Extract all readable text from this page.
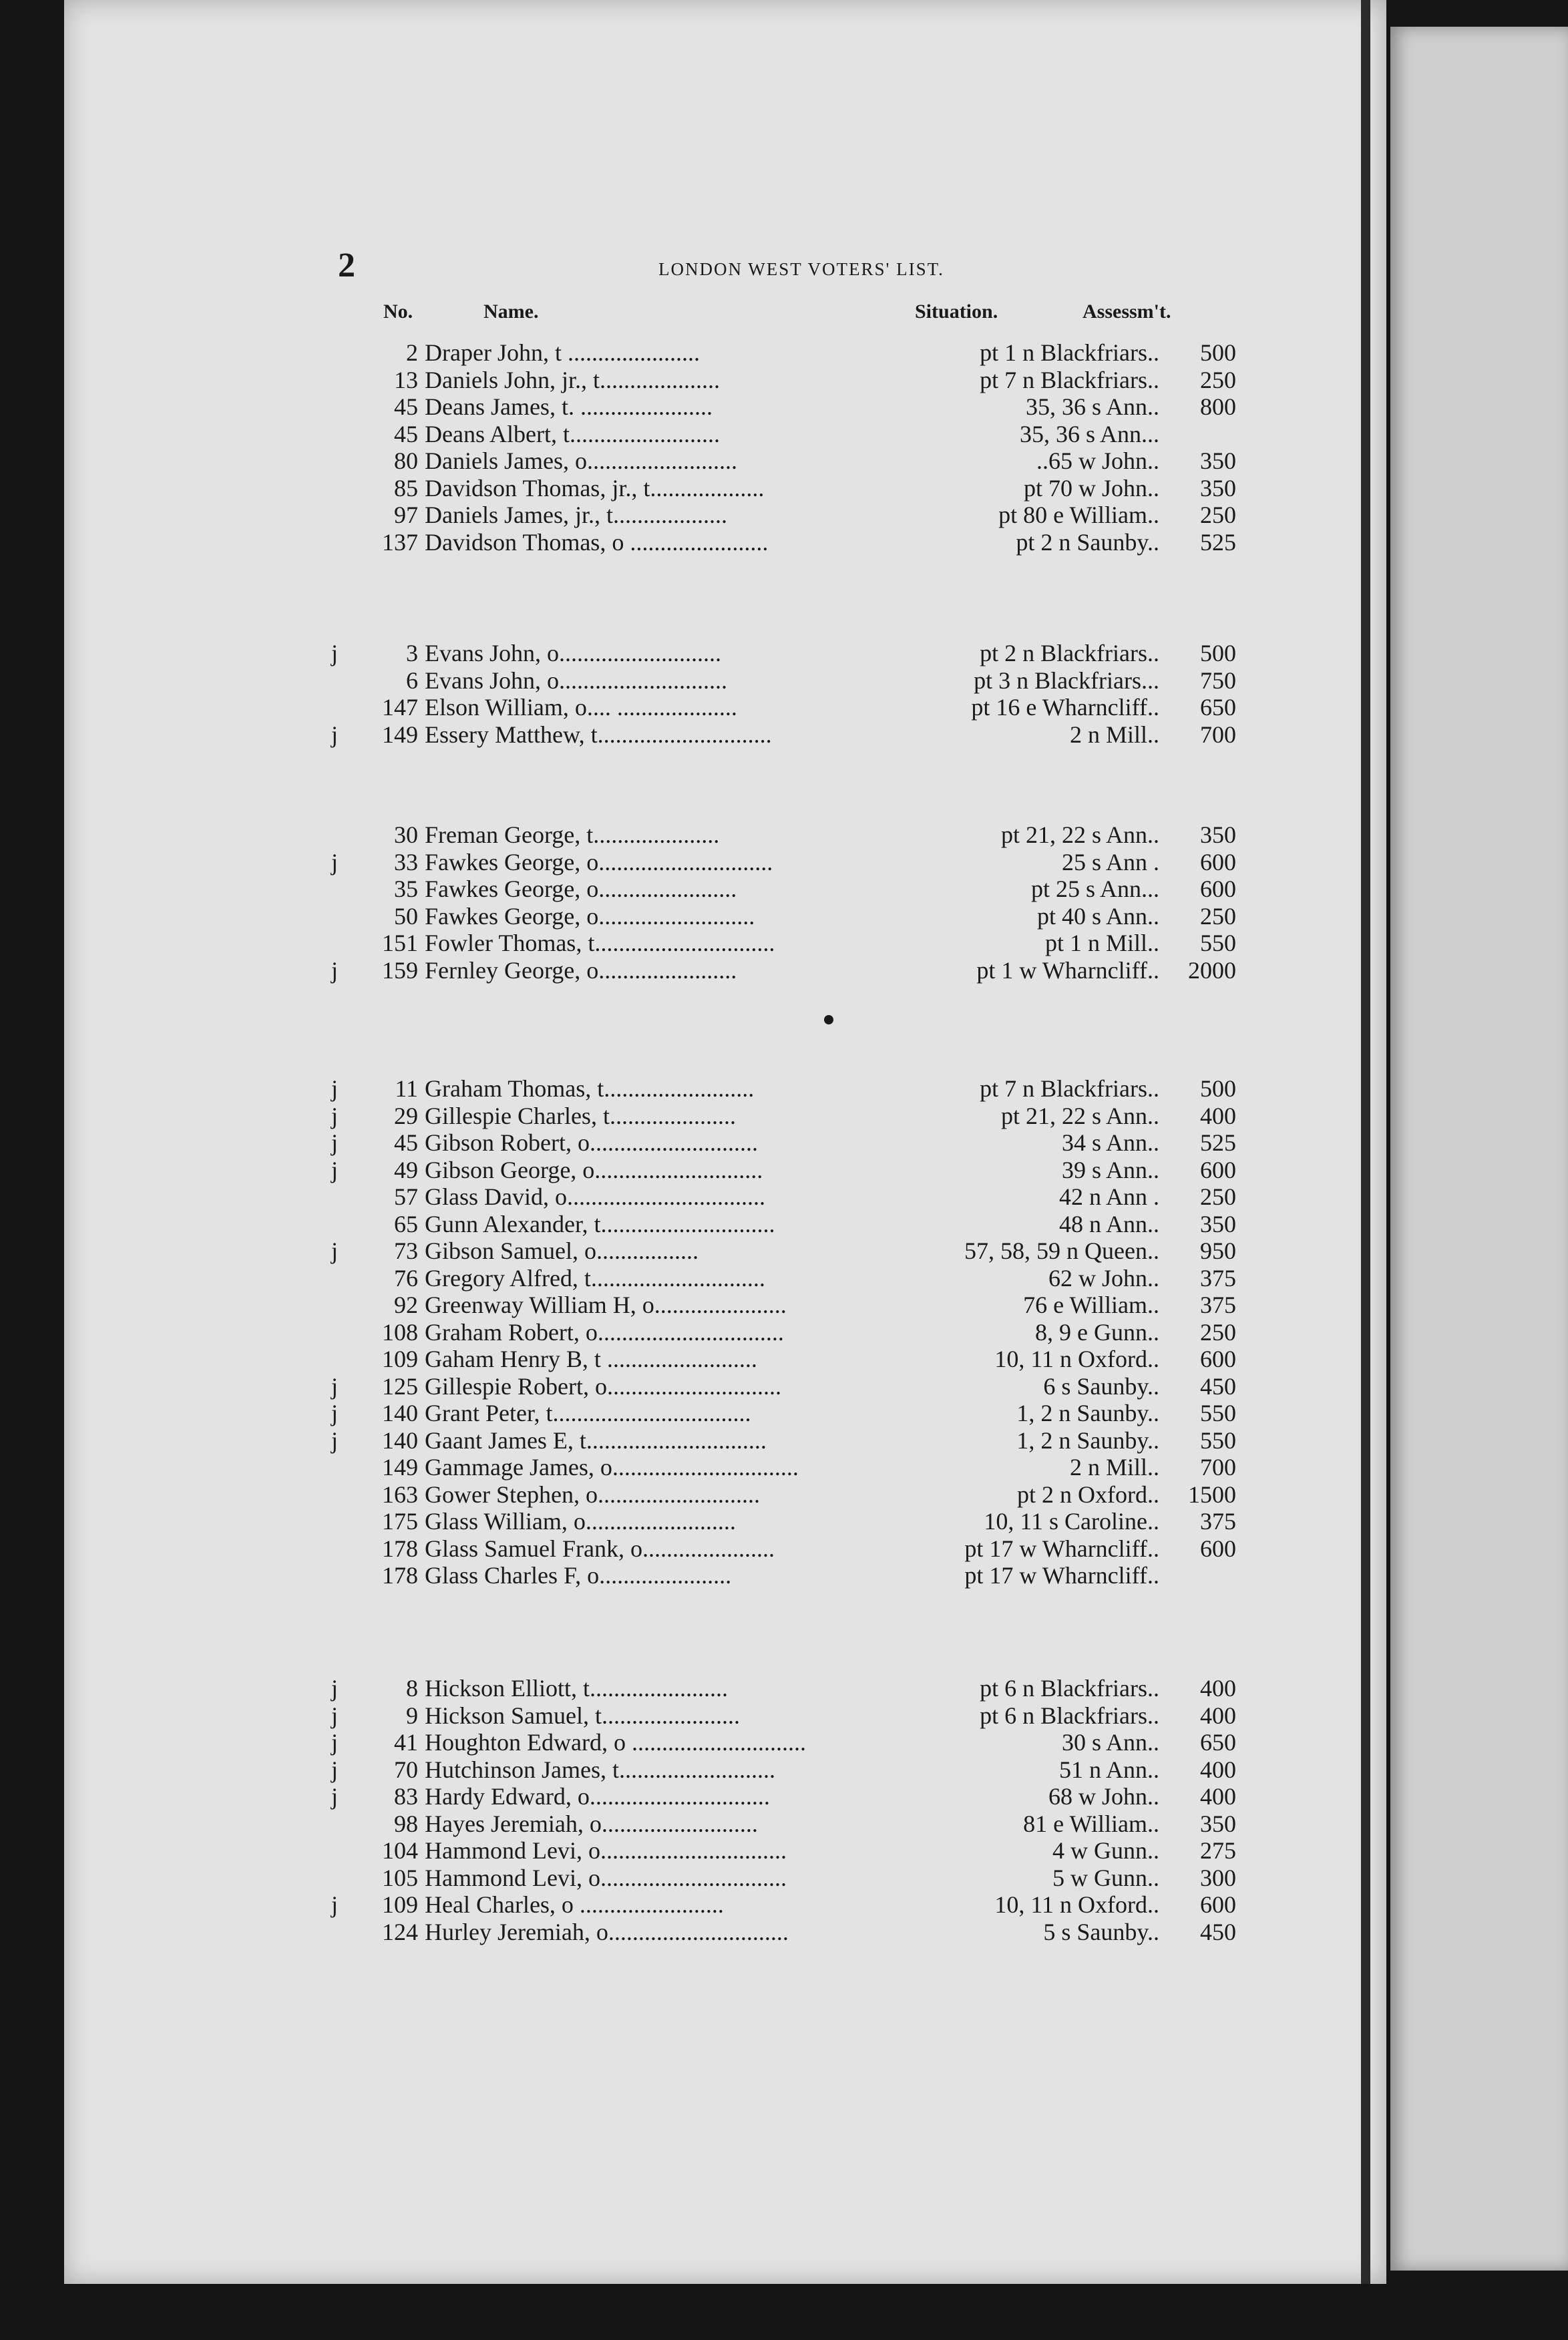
2	LONDON WEST VOTERS' LIST.
No.	Name.	Situation.	Assessm't.
2 Draper John, t ......................	pt 1 n Blackfriars..	500
13 Daniels John, jr., t....................	pt 7 n Blackfriars..	250
45 Deans James, t. ......................	35, 36 s Ann..	800
45 Deans Albert, t.........................	35, 36 s Ann...
80 Daniels James, o.........................	..65 w John..	350
85 Davidson Thomas, jr., t...................	pt 70 w John..	350
97 Daniels James, jr., t...................	pt 80 e William..	250
137 Davidson Thomas, o .......................	pt 2 n Saunby..	525
j	3 Evans John, o...........................	pt 2 n Blackfriars..	500
6 Evans John, o............................	pt 3 n Blackfriars...	750
147 Elson William, o.... ....................	pt 16 e Wharncliff..	650
j	149 Essery Matthew, t.............................	2 n Mill..	700
30 Freman George, t.....................	pt 21, 22 s Ann..	350
j	33 Fawkes George, o.............................	25 s Ann .	600
35 Fawkes George, o.......................	pt 25 s Ann...	600
50 Fawkes George, o..........................	pt 40 s Ann..	250
151 Fowler Thomas, t..............................	pt 1 n Mill..	550
j	159 Fernley George, o.......................	pt 1 w Wharncliff..	2000
j	11 Graham Thomas, t.........................	pt 7 n Blackfriars..	500
j	29 Gillespie Charles, t.....................	pt 21, 22 s Ann..	400
j	45 Gibson Robert, o............................	34 s Ann..	525
j	49 Gibson George, o............................	39 s Ann..	600
57 Glass David, o.................................	42 n Ann .	250
65 Gunn Alexander, t.............................	48 n Ann..	350
j	73 Gibson Samuel, o.................	57, 58, 59 n Queen..	950
76 Gregory Alfred, t.............................	62 w John..	375
92 Greenway William H, o......................	76 e William..	375
108 Graham Robert, o...............................	8, 9 e Gunn..	250
109 Gaham Henry B, t .........................	10, 11 n Oxford..	600
j	125 Gillespie Robert, o.............................	6 s Saunby..	450
j	140 Grant Peter, t.................................	1, 2 n Saunby..	550
j	140 Gaant James E, t..............................	1, 2 n Saunby..	550
149 Gammage James, o...............................	2 n Mill..	700
163 Gower Stephen, o...........................	pt 2 n Oxford..	1500
175 Glass William, o.........................	10, 11 s Caroline..	375
178 Glass Samuel Frank, o......................	pt 17 w Wharncliff..	600
178 Glass Charles F, o......................	pt 17 w Wharncliff..
j	8 Hickson Elliott, t.......................	pt 6 n Blackfriars..	400
j	9 Hickson Samuel, t.......................	pt 6 n Blackfriars..	400
j	41 Houghton Edward, o .............................	30 s Ann..	650
j	70 Hutchinson James, t..........................	51 n Ann..	400
j	83 Hardy Edward, o..............................	68 w John..	400
98 Hayes Jeremiah, o..........................	81 e William..	350
104 Hammond Levi, o...............................	4 w Gunn..	275
105 Hammond Levi, o...............................	5 w Gunn..	300
j	109 Heal Charles, o ........................	10, 11 n Oxford..	600
124 Hurley Jeremiah, o..............................	5 s Saunby..	450
